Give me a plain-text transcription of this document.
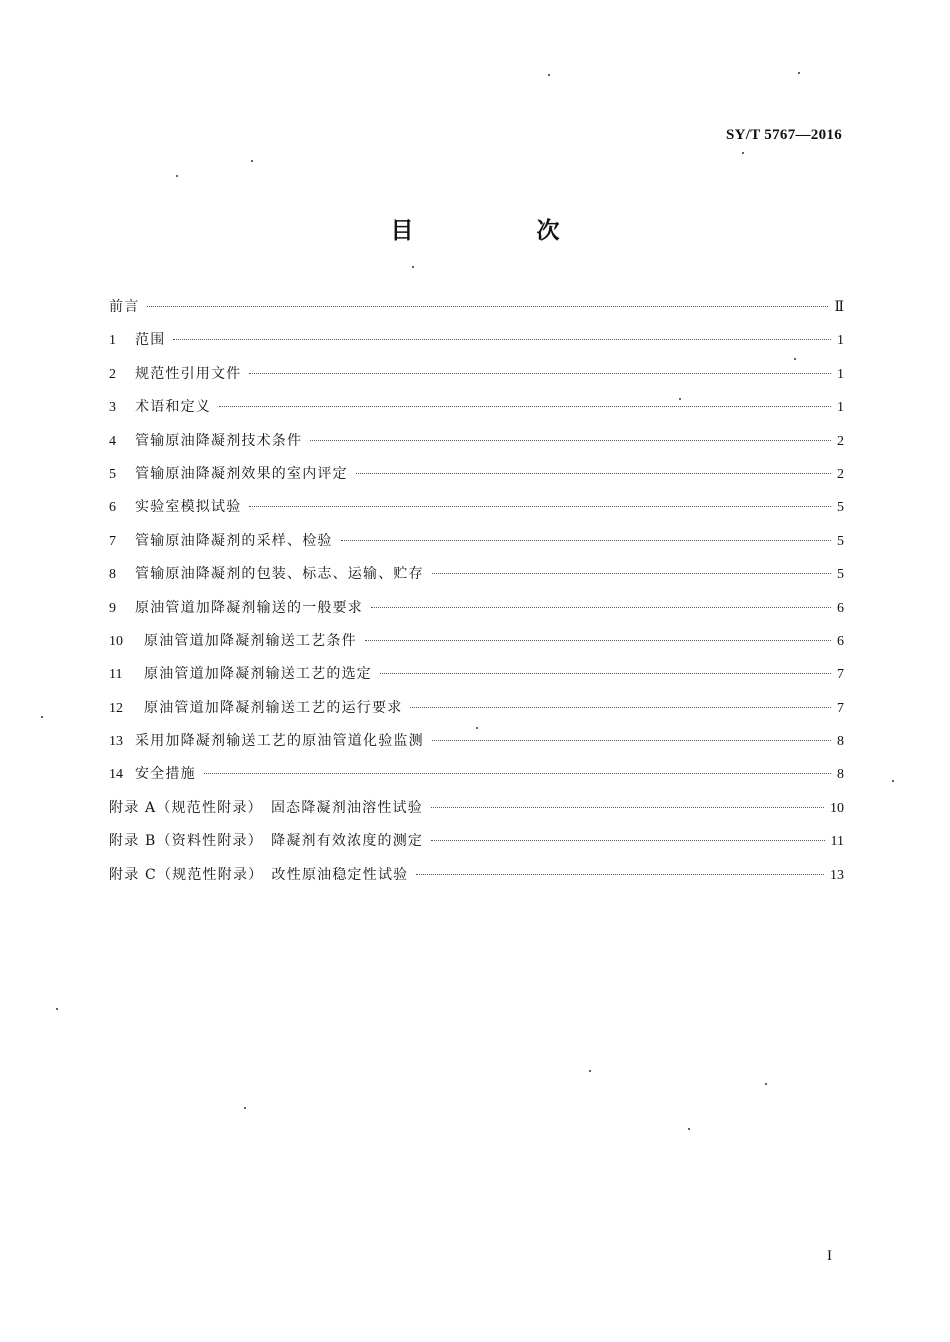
SY/T 5767—2016
目　次
前言	Ⅱ
1	范围	1
2	规范性引用文件	1
3	术语和定义	1
4	管输原油降凝剂技术条件	2
5	管输原油降凝剂效果的室内评定	2
6	实验室模拟试验	5
7	管输原油降凝剂的采样、检验	5
8	管输原油降凝剂的包装、标志、运输、贮存	5
9	原油管道加降凝剂输送的一般要求	6
10	原油管道加降凝剂输送工艺条件	6
11	原油管道加降凝剂输送工艺的选定	7
12	原油管道加降凝剂输送工艺的运行要求	7
13 采用加降凝剂输送工艺的原油管道化验监测	8
14 安全措施	8
附录 A（规范性附录）　固态降凝剂油溶性试验	10
附录 B（资料性附录）　降凝剂有效浓度的测定	11
附录 C（规范性附录）　改性原油稳定性试验	13
I
